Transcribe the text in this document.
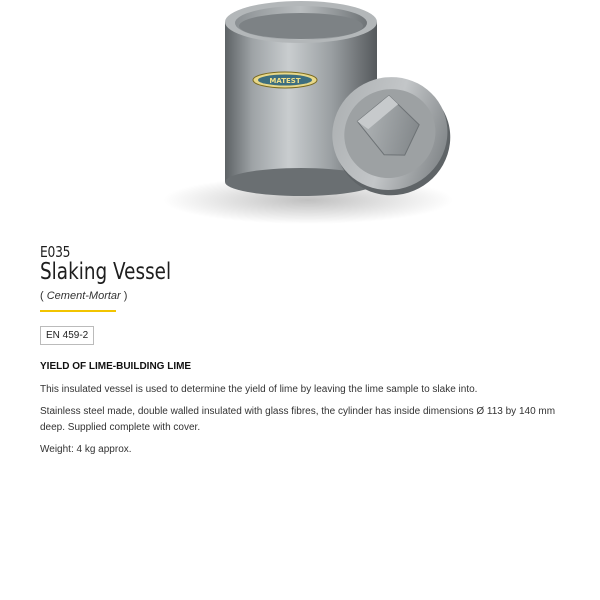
MATEST
E035
Slaking Vessel
( Cement-Mortar )
EN 459-2
YIELD OF LIME-BUILDING LIME

This insulated vessel is used to determine the yield of lime by leaving the lime sample to slake into.

Stainless steel made, double walled insulated with glass fibres, the cylinder has inside dimensions Ø 113 by 140 mm deep. Supplied complete with cover.

Weight: 4 kg approx.
